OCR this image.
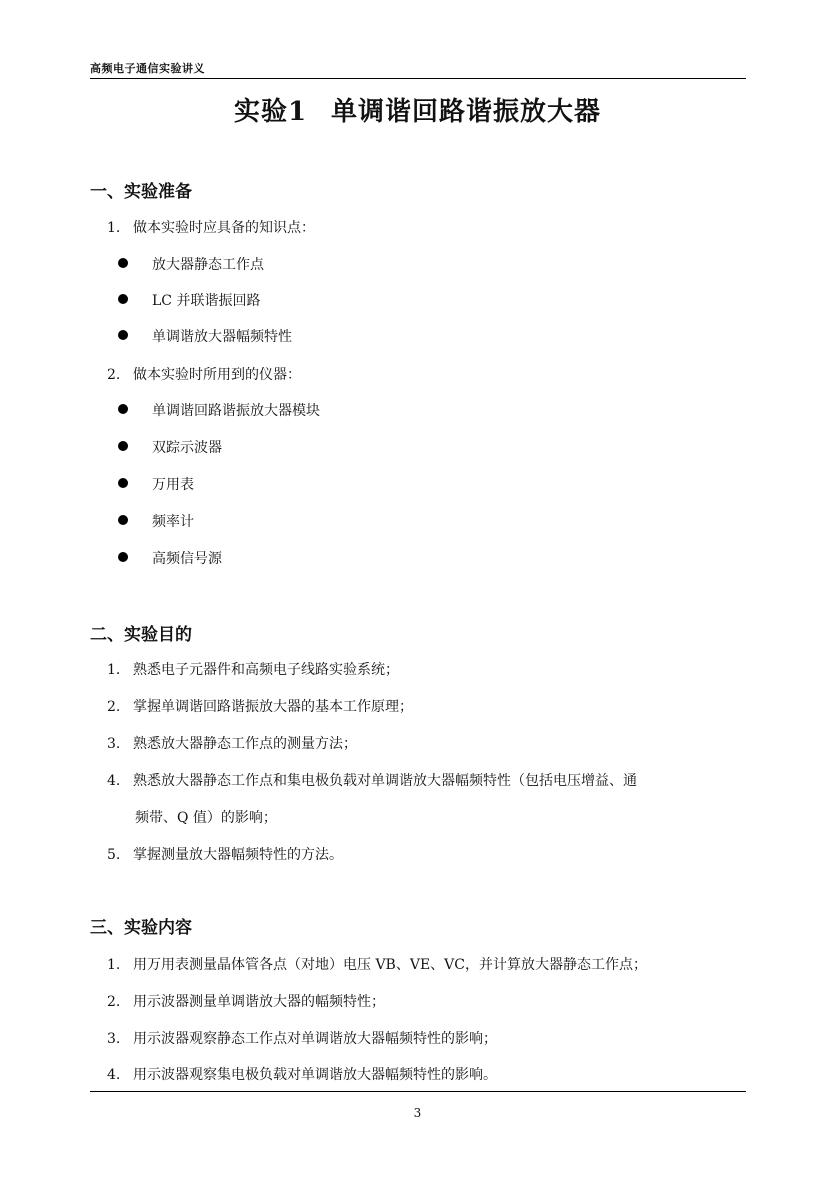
高频电子通信实验讲义
实验1 单调谐回路谐振放大器
一、实验准备
1. 做本实验时应具备的知识点：
放大器静态工作点
LC 并联谐振回路
单调谐放大器幅频特性
2. 做本实验时所用到的仪器：
单调谐回路谐振放大器模块
双踪示波器
万用表
频率计
高频信号源
二、实验目的
1. 熟悉电子元器件和高频电子线路实验系统；
2. 掌握单调谐回路谐振放大器的基本工作原理；
3. 熟悉放大器静态工作点的测量方法；
4. 熟悉放大器静态工作点和集电极负载对单调谐放大器幅频特性（包括电压增益、通
频带、Q 值）的影响；
5. 掌握测量放大器幅频特性的方法。
三、实验内容
1. 用万用表测量晶体管各点（对地）电压 VB、VE、VC，并计算放大器静态工作点；
2. 用示波器测量单调谐放大器的幅频特性；
3. 用示波器观察静态工作点对单调谐放大器幅频特性的影响；
4. 用示波器观察集电极负载对单调谐放大器幅频特性的影响。
3
